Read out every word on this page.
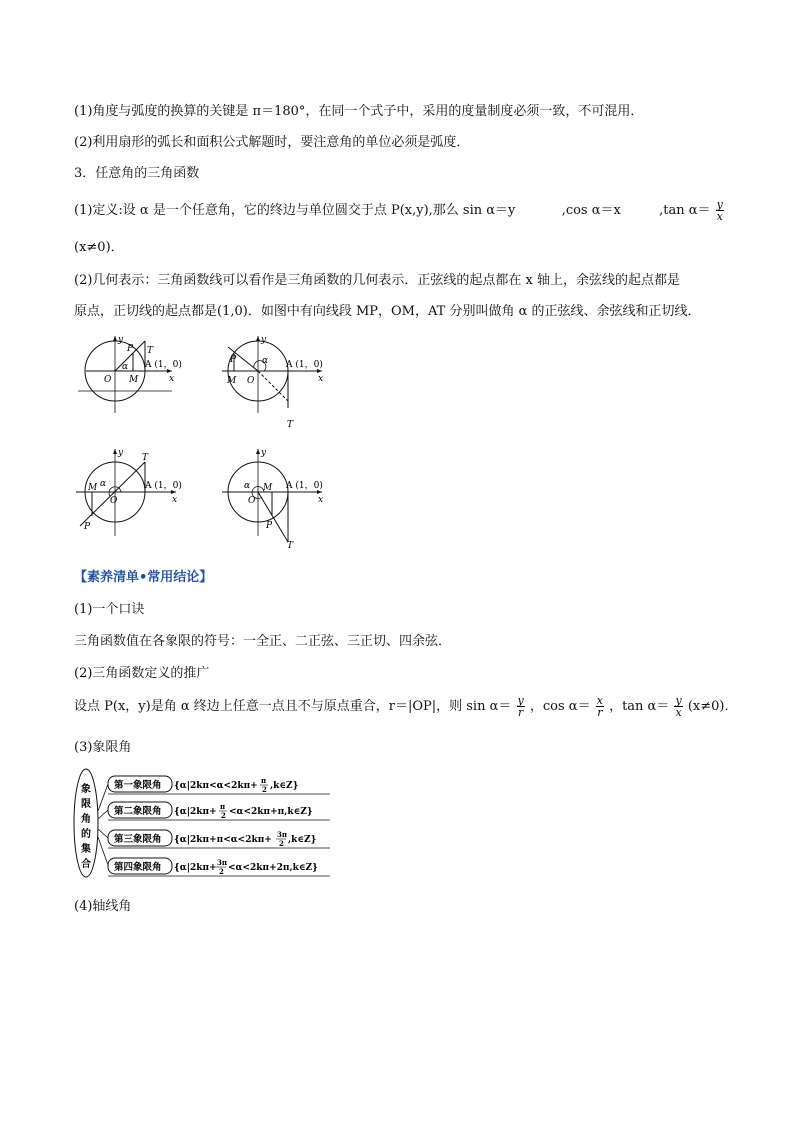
(1)角度与弧度的换算的关键是 π＝180°，在同一个式子中，采用的度量制度必须一致，不可混用．
(2)利用扇形的弧长和面积公式解题时，要注意角的单位必须是弧度．
3．任意角的三角函数
(1)定义:设 α 是一个任意角，它的终边与单位圆交于点 P(x,y),那么 sin α＝y	,cos α＝x	,tan $\alpha= \frac{y}{x}$
(x≠0)．
(2)几何表示：三角函数线可以看作是三角函数的几何表示．正弦线的起点都在 x 轴上，余弦线的起点都是
原点，正切线的起点都是(1,0)．如图中有向线段 MP，OM，AT 分别叫做角 α 的正弦线、余弦线和正切线．
y
T
P
α A (1，0)
O M	x
y
P	α A (1，0)
M O	x
T
y T
M α	A (1，0)
O	x
P
y
α M A (1，0)
O	x
P
T
【素养清单•常用结论】
(1)一个口诀
三角函数值在各象限的符号：一全正、二正弦、三正切、四余弦．
(2)三角函数定义的推广
设点 P(x，y)是角 α 终边上任意一点且不与原点重合，r＝|OP|，则 $\sin \alpha= \frac{y}{r}$ ，$\cos \alpha= \frac{x}{r}$ ，$\tan \alpha= \frac{y}{x} (x\ne 0)$．
(3)象限角
象
限
角
的
集
合
第一象限角 {α|2kπ<α<2kπ+
π
2 ,k∈Z}
第二象限角 {α|2kπ+
π
2 <α<2kπ+π,k∈Z}
第三象限角 {α|2kπ+π<α<2kπ+
3π
2 ,k∈Z}
第四象限角 {α|2kπ+
3π
2 <α<2kπ+2π,k∈Z}
(4)轴线角
